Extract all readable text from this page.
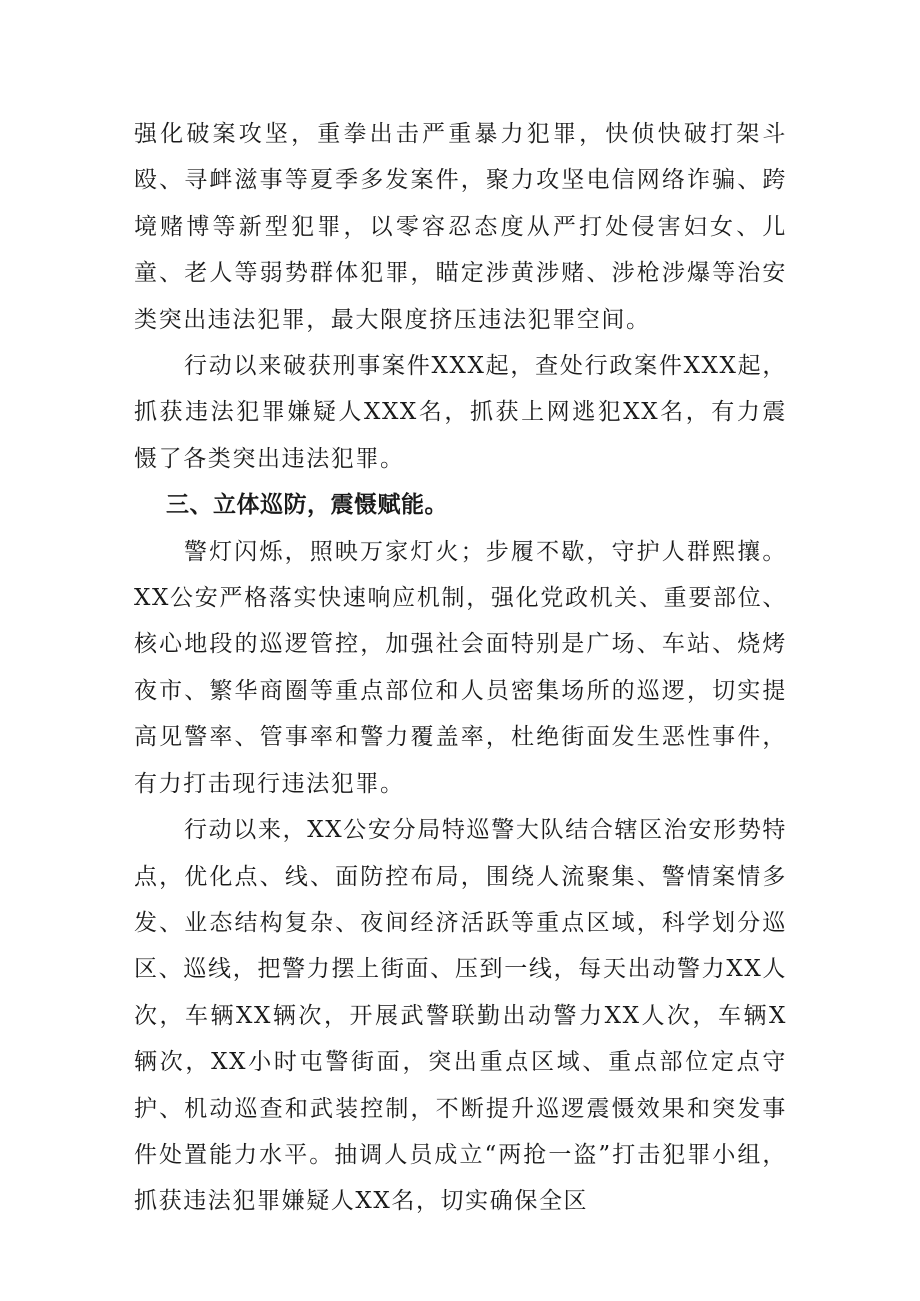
强化破案攻坚，重拳出击严重暴力犯罪，快侦快破打架斗殴、寻衅滋事等夏季多发案件，聚力攻坚电信网络诈骗、跨境赌博等新型犯罪，以零容忍态度从严打处侵害妇女、儿童、老人等弱势群体犯罪，瞄定涉黄涉赌、涉枪涉爆等治安类突出违法犯罪，最大限度挤压违法犯罪空间。

行动以来破获刑事案件XXX起，查处行政案件XXX起，抓获违法犯罪嫌疑人XXX名，抓获上网逃犯XX名，有力震慑了各类突出违法犯罪。

三、立体巡防，震慑赋能。

警灯闪烁，照映万家灯火；步履不歇，守护人群熙攘。XX公安严格落实快速响应机制，强化党政机关、重要部位、核心地段的巡逻管控，加强社会面特别是广场、车站、烧烤夜市、繁华商圈等重点部位和人员密集场所的巡逻，切实提高见警率、管事率和警力覆盖率，杜绝街面发生恶性事件，有力打击现行违法犯罪。

行动以来，XX公安分局特巡警大队结合辖区治安形势特点，优化点、线、面防控布局，围绕人流聚集、警情案情多发、业态结构复杂、夜间经济活跃等重点区域，科学划分巡区、巡线，把警力摆上街面、压到一线，每天出动警力XX人次，车辆XX辆次，开展武警联勤出动警力XX人次，车辆X辆次，XX小时屯警街面，突出重点区域、重点部位定点守护、机动巡查和武装控制，不断提升巡逻震慑效果和突发事件处置能力水平。抽调人员成立“两抢一盗”打击犯罪小组，抓获违法犯罪嫌疑人XX名，切实确保全区
